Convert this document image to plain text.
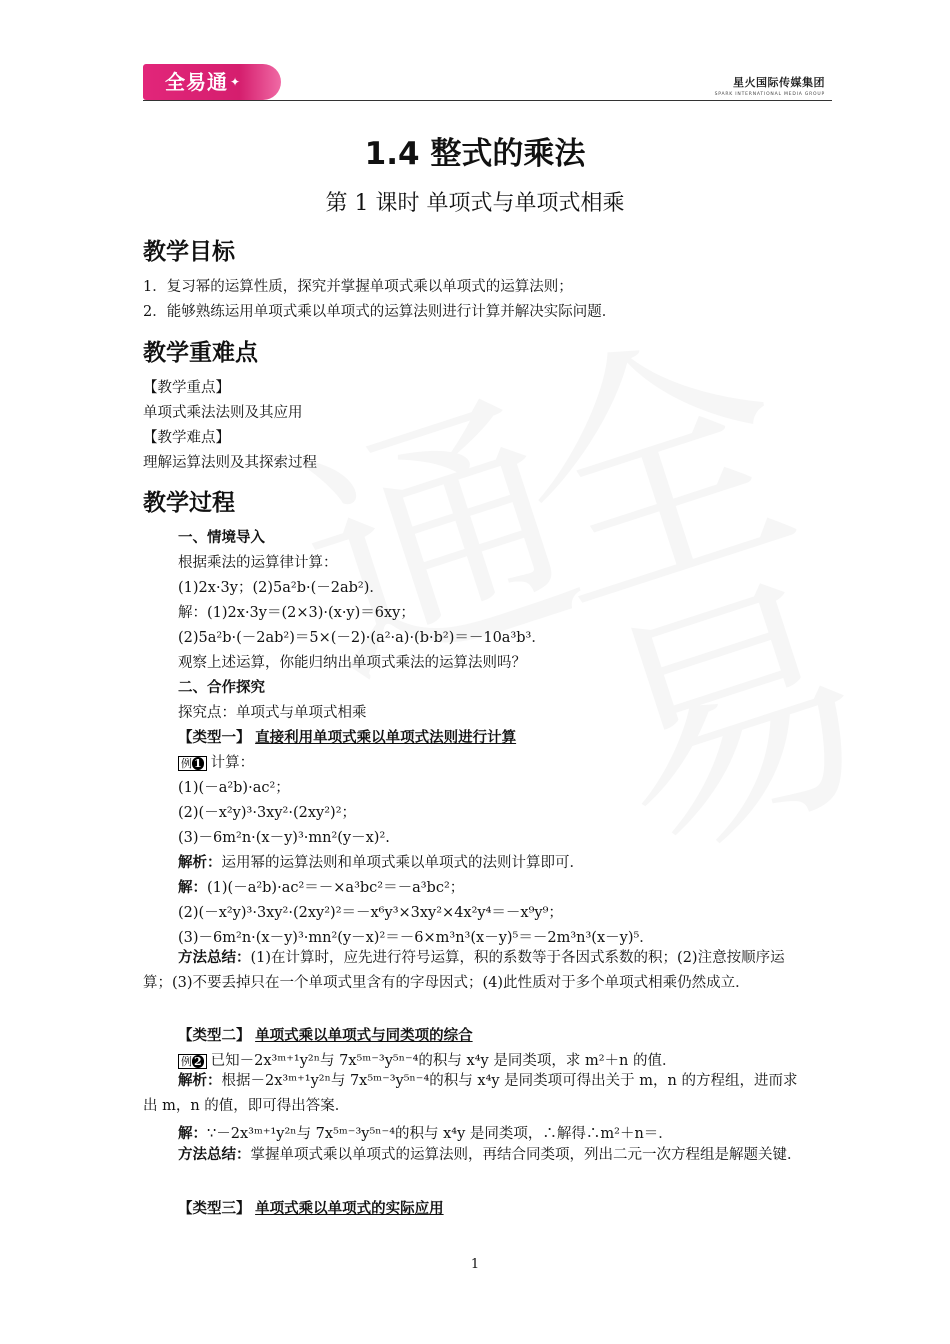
全易通 ✦	星火国际传媒集团
SPARK INTERNATIONAL MEDIA GROUP
1.4 整式的乘法
第 1 课时 单项式与单项式相乘
教学目标
1．复习幂的运算性质，探究并掌握单项式乘以单项式的运算法则；
2．能够熟练运用单项式乘以单项式的运算法则进行计算并解决实际问题．
教学重难点
【教学重点】
单项式乘法法则及其应用
【教学难点】
理解运算法则及其探索过程
教学过程
一、情境导入
根据乘法的运算律计算：
(1)2x·3y；(2)5a²b·(－2ab²)．
解：(1)2x·3y＝(2×3)·(x·y)＝6xy；
(2)5a²b·(－2ab²)＝5×(－2)·(a²·a)·(b·b²)＝－10a³b³．
观察上述运算，你能归纳出单项式乘法的运算法则吗？
二、合作探究
探究点：单项式与单项式相乘
【类型一】 直接利用单项式乘以单项式法则进行计算
例 1 计算：
(1)(－a²b)·ac²；
(2)(－x²y)³·3xy²·(2xy²)²；
(3)－6m²n·(x－y)³·mn²(y－x)².
解析：运用幂的运算法则和单项式乘以单项式的法则计算即可．
解：(1)(－a²b)·ac²＝－×a³bc²＝－a³bc²；
(2)(－x²y)³·3xy²·(2xy²)²＝－x⁶y³×3xy²×4x²y⁴＝－x⁹y⁹；
(3)－6m²n·(x－y)³·mn²(y－x)²＝－6×m³n³(x－y)⁵＝－2m³n³(x－y)⁵．
方法总结：(1)在计算时，应先进行符号运算，积的系数等于各因式系数的积；(2)注意按顺序运算；(3)不要丢掉只在一个单项式里含有的字母因式；(4)此性质对于多个单项式相乘仍然成立．
【类型二】 单项式乘以单项式与同类项的综合
例 2 已知－2x³ᵐ⁺¹y²ⁿ与 7x⁵ᵐ⁻³y⁵ⁿ⁻⁴的积与 x⁴y 是同类项，求 m²＋n 的值．
解析：根据－2x³ᵐ⁺¹y²ⁿ与 7x⁵ᵐ⁻³y⁵ⁿ⁻⁴的积与 x⁴y 是同类项可得出关于 m，n 的方程组，进而求出 m，n 的值，即可得出答案．
解：∵－2x³ᵐ⁺¹y²ⁿ与 7x⁵ᵐ⁻³y⁵ⁿ⁻⁴的积与 x⁴y 是同类项，∴解得∴m²＋n＝．
方法总结：掌握单项式乘以单项式的运算法则，再结合同类项，列出二元一次方程组是解题关键．
【类型三】 单项式乘以单项式的实际应用
1
